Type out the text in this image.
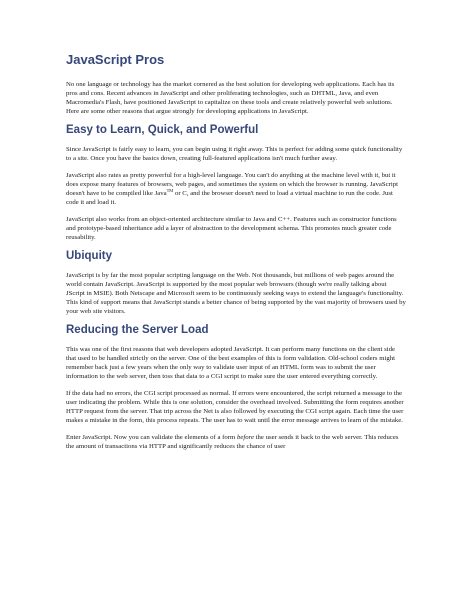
JavaScript Pros

No one language or technology has the market cornered as the best solution for developing web applications. Each has its pros and cons. Recent advances in JavaScript and other proliferating technologies, such as DHTML, Java, and even Macromedia's Flash, have positioned JavaScript to capitalize on these tools and create relatively powerful web solutions. Here are some other reasons that argue strongly for developing applications in JavaScript.

Easy to Learn, Quick, and Powerful

Since JavaScript is fairly easy to learn, you can begin using it right away. This is perfect for adding some quick functionality to a site. Once you have the basics down, creating full-featured applications isn't much further away.

JavaScript also rates as pretty powerful for a high-level language. You can't do anything at the machine level with it, but it does expose many features of browsers, web pages, and sometimes the system on which the browser is running. JavaScript doesn't have to be compiled like Java™ or C, and the browser doesn't need to load a virtual machine to run the code. Just code it and load it.

JavaScript also works from an object-oriented architecture similar to Java and C++. Features such as constructor functions and prototype-based inheritance add a layer of abstraction to the development schema. This promotes much greater code reusability.

Ubiquity

JavaScript is by far the most popular scripting language on the Web. Not thousands, but millions of web pages around the world contain JavaScript. JavaScript is supported by the most popular web browsers (though we're really talking about JScript in MSIE). Both Netscape and Microsoft seem to be continuously seeking ways to extend the language's functionality. This kind of support means that JavaScript stands a better chance of being supported by the vast majority of browsers used by your web site visitors.

Reducing the Server Load

This was one of the first reasons that web developers adopted JavaScript. It can perform many functions on the client side that used to be handled strictly on the server. One of the best examples of this is form validation. Old-school coders might remember back just a few years when the only way to validate user input of an HTML form was to submit the user information to the web server, then toss that data to a CGI script to make sure the user entered everything correctly.

If the data had no errors, the CGI script processed as normal. If errors were encountered, the script returned a message to the user indicating the problem. While this is one solution, consider the overhead involved. Submitting the form requires another HTTP request from the server. That trip across the Net is also followed by executing the CGI script again. Each time the user makes a mistake in the form, this process repeats. The user has to wait until the error message arrives to learn of the mistake.

Enter JavaScript. Now you can validate the elements of a form before the user sends it back to the web server. This reduces the amount of transactions via HTTP and significantly reduces the chance of user
